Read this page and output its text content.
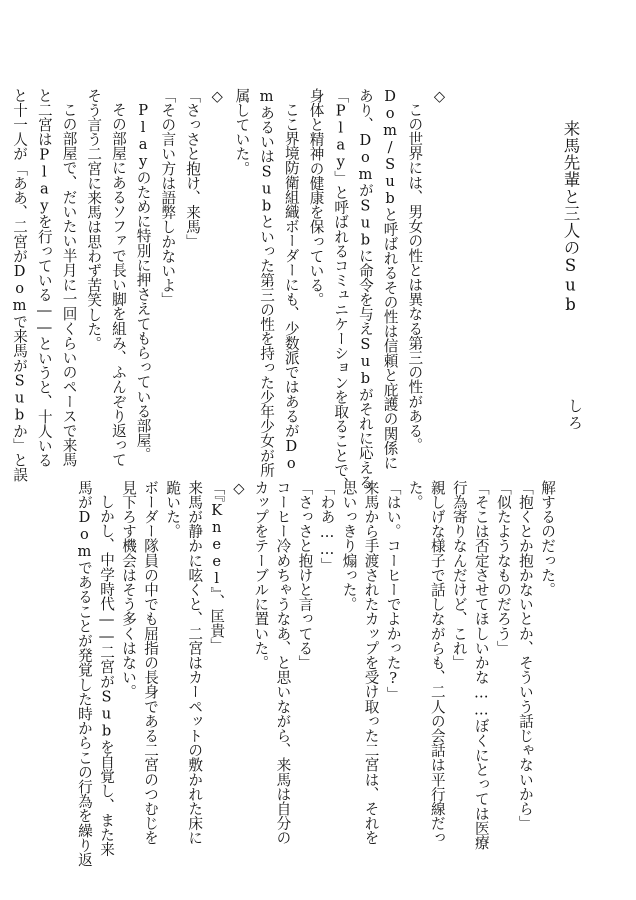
来馬先輩と三人のSub
しろ
◇
この世界には、男女の性とは異なる第三の性がある。
Dom/Subと呼ばれるその性は信頼と庇護の関係に
あり、DomがSubに命令を与えSubがそれに応える
「Play」と呼ばれるコミュニケーションを取ることで、
身体と精神の健康を保っている。
ここ界境防衛組織ボーダーにも、少数派ではあるがDo
mあるいはSubといった第三の性を持った少年少女が所
属していた。
◇
「さっさと抱け、来馬」
「その言い方は語弊しかないよ」
Playのために特別に押さえてもらっている部屋。
その部屋にあるソファで長い脚を組み、ふんぞり返って
そう言う二宮に来馬は思わず苦笑した。
この部屋で、だいたい半月に一回くらいのペースで来馬
と二宮はPlayを行っている――というと、十人いる
と十一人が「ああ、二宮がDomで来馬がSubか」と誤
解するのだった。
「抱くとか抱かないとか、そういう話じゃないから」
「似たようなものだろう」
「そこは否定させてほしいかな……ぼくにとっては医療
行為寄りなんだけど、これ」
親しげな様子で話しながらも、二人の会話は平行線だっ
た。
「はい。コーヒーでよかった?」
来馬から手渡されたカップを受け取った二宮は、それを
思いっきり煽った。
「わあ……」
「さっさと抱けと言ってる」
コーヒー冷めちゃうなあ、と思いながら、来馬は自分の
カップをテーブルに置いた。
◇
「『Kneel』、匡貴」
来馬が静かに呟くと、二宮はカーペットの敷かれた床に
跪いた。
ボーダー隊員の中でも屈指の長身である二宮のつむじを
見下ろす機会はそう多くはない。
しかし、中学時代――二宮がSubを自覚し、また来
馬がDomであることが発覚した時からこの行為を繰り返
